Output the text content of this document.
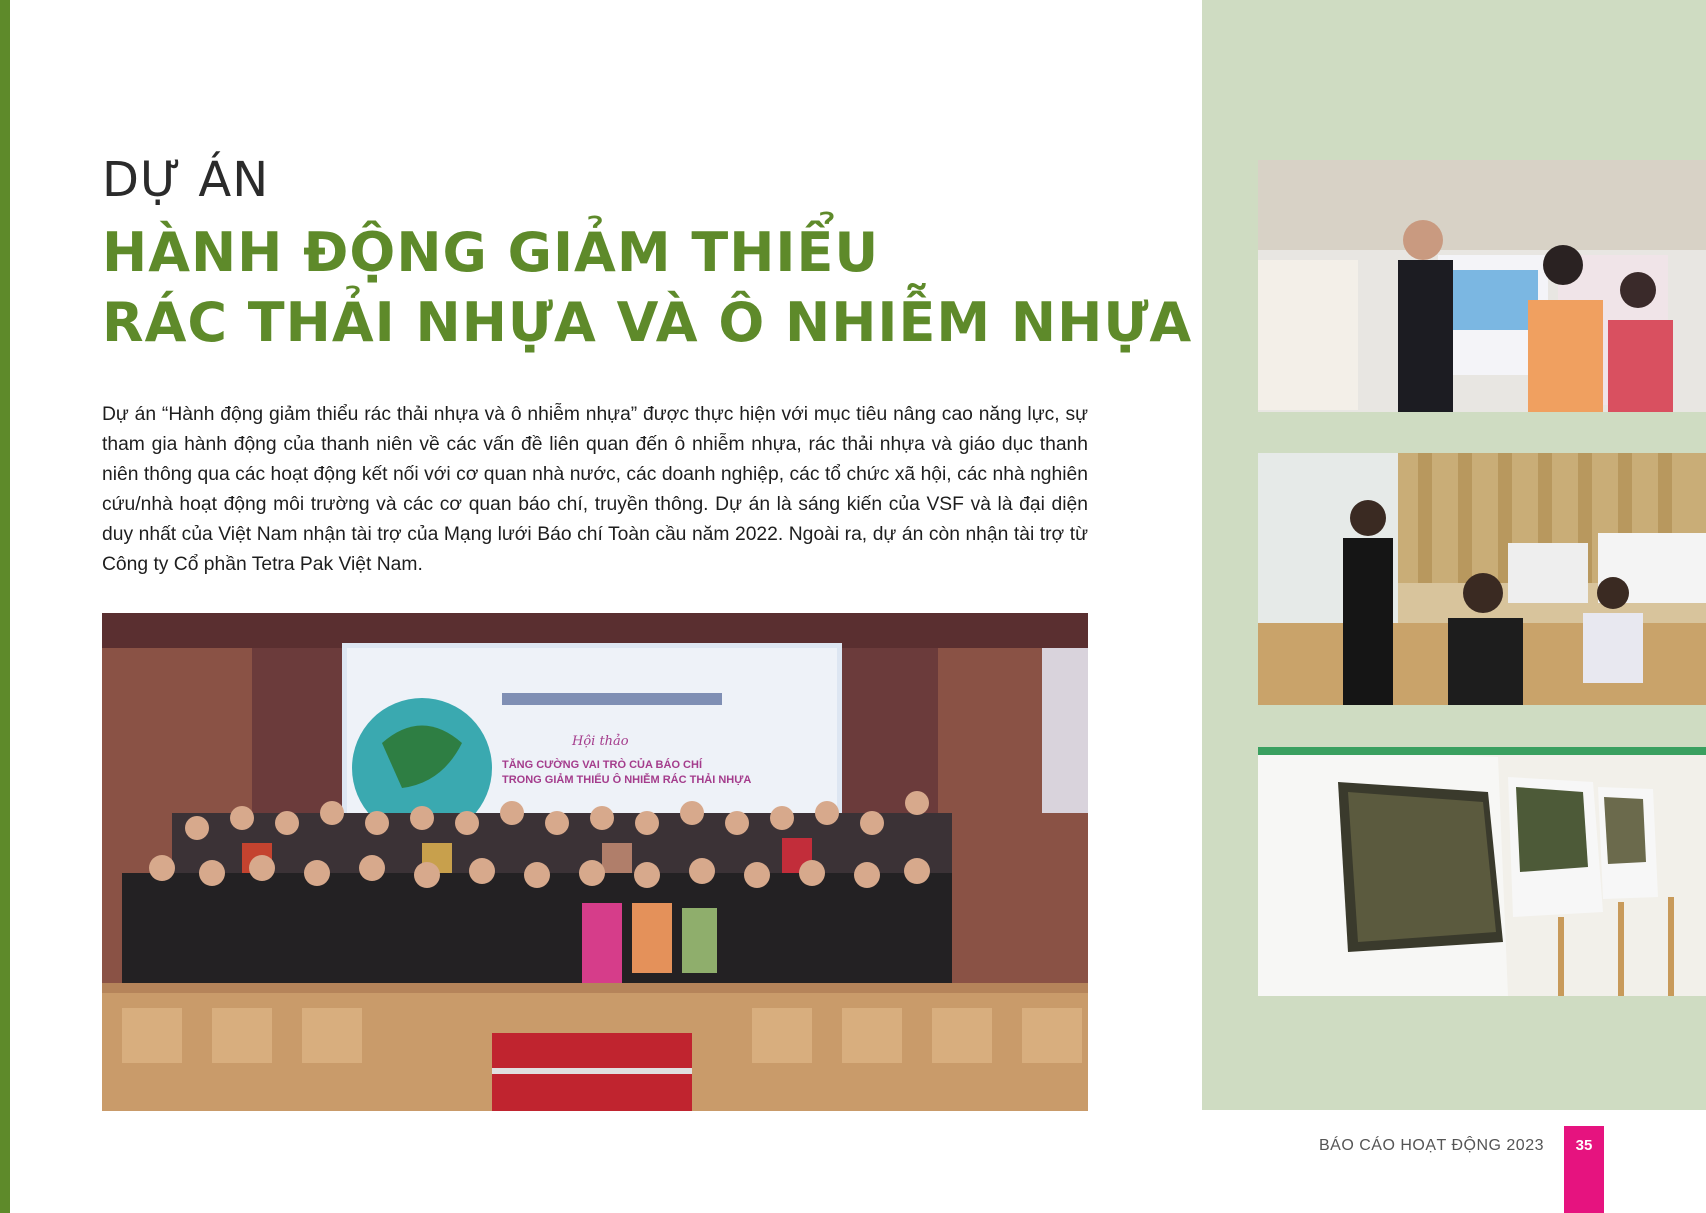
DỰ ÁN
HÀNH ĐỘNG GIẢM THIỂU
RÁC THẢI NHỰA VÀ Ô NHIỄM NHỰA

Dự án “Hành động giảm thiểu rác thải nhựa và ô nhiễm nhựa” được thực hiện với mục tiêu nâng cao năng lực, sự tham gia hành động của thanh niên về các vấn đề liên quan đến ô nhiễm nhựa, rác thải nhựa và giáo dục thanh niên thông qua các hoạt động kết nối với cơ quan nhà nước, các doanh nghiệp, các tổ chức xã hội, các nhà nghiên cứu/nhà hoạt động môi trường và các cơ quan báo chí, truyền thông. Dự án là sáng kiến của VSF và là đại diện duy nhất của Việt Nam nhận tài trợ của Mạng lưới Báo chí Toàn cầu năm 2022. Ngoài ra, dự án còn nhận tài trợ từ Công ty Cổ phần Tetra Pak Việt Nam.

Hội thảo
TĂNG CƯỜNG VAI TRÒ CỦA BÁO CHÍ
TRONG GIẢM THIỂU Ô NHIỄM RÁC THẢI NHỰA
BÁO CÁO HOẠT ĐỘNG 2023	35
